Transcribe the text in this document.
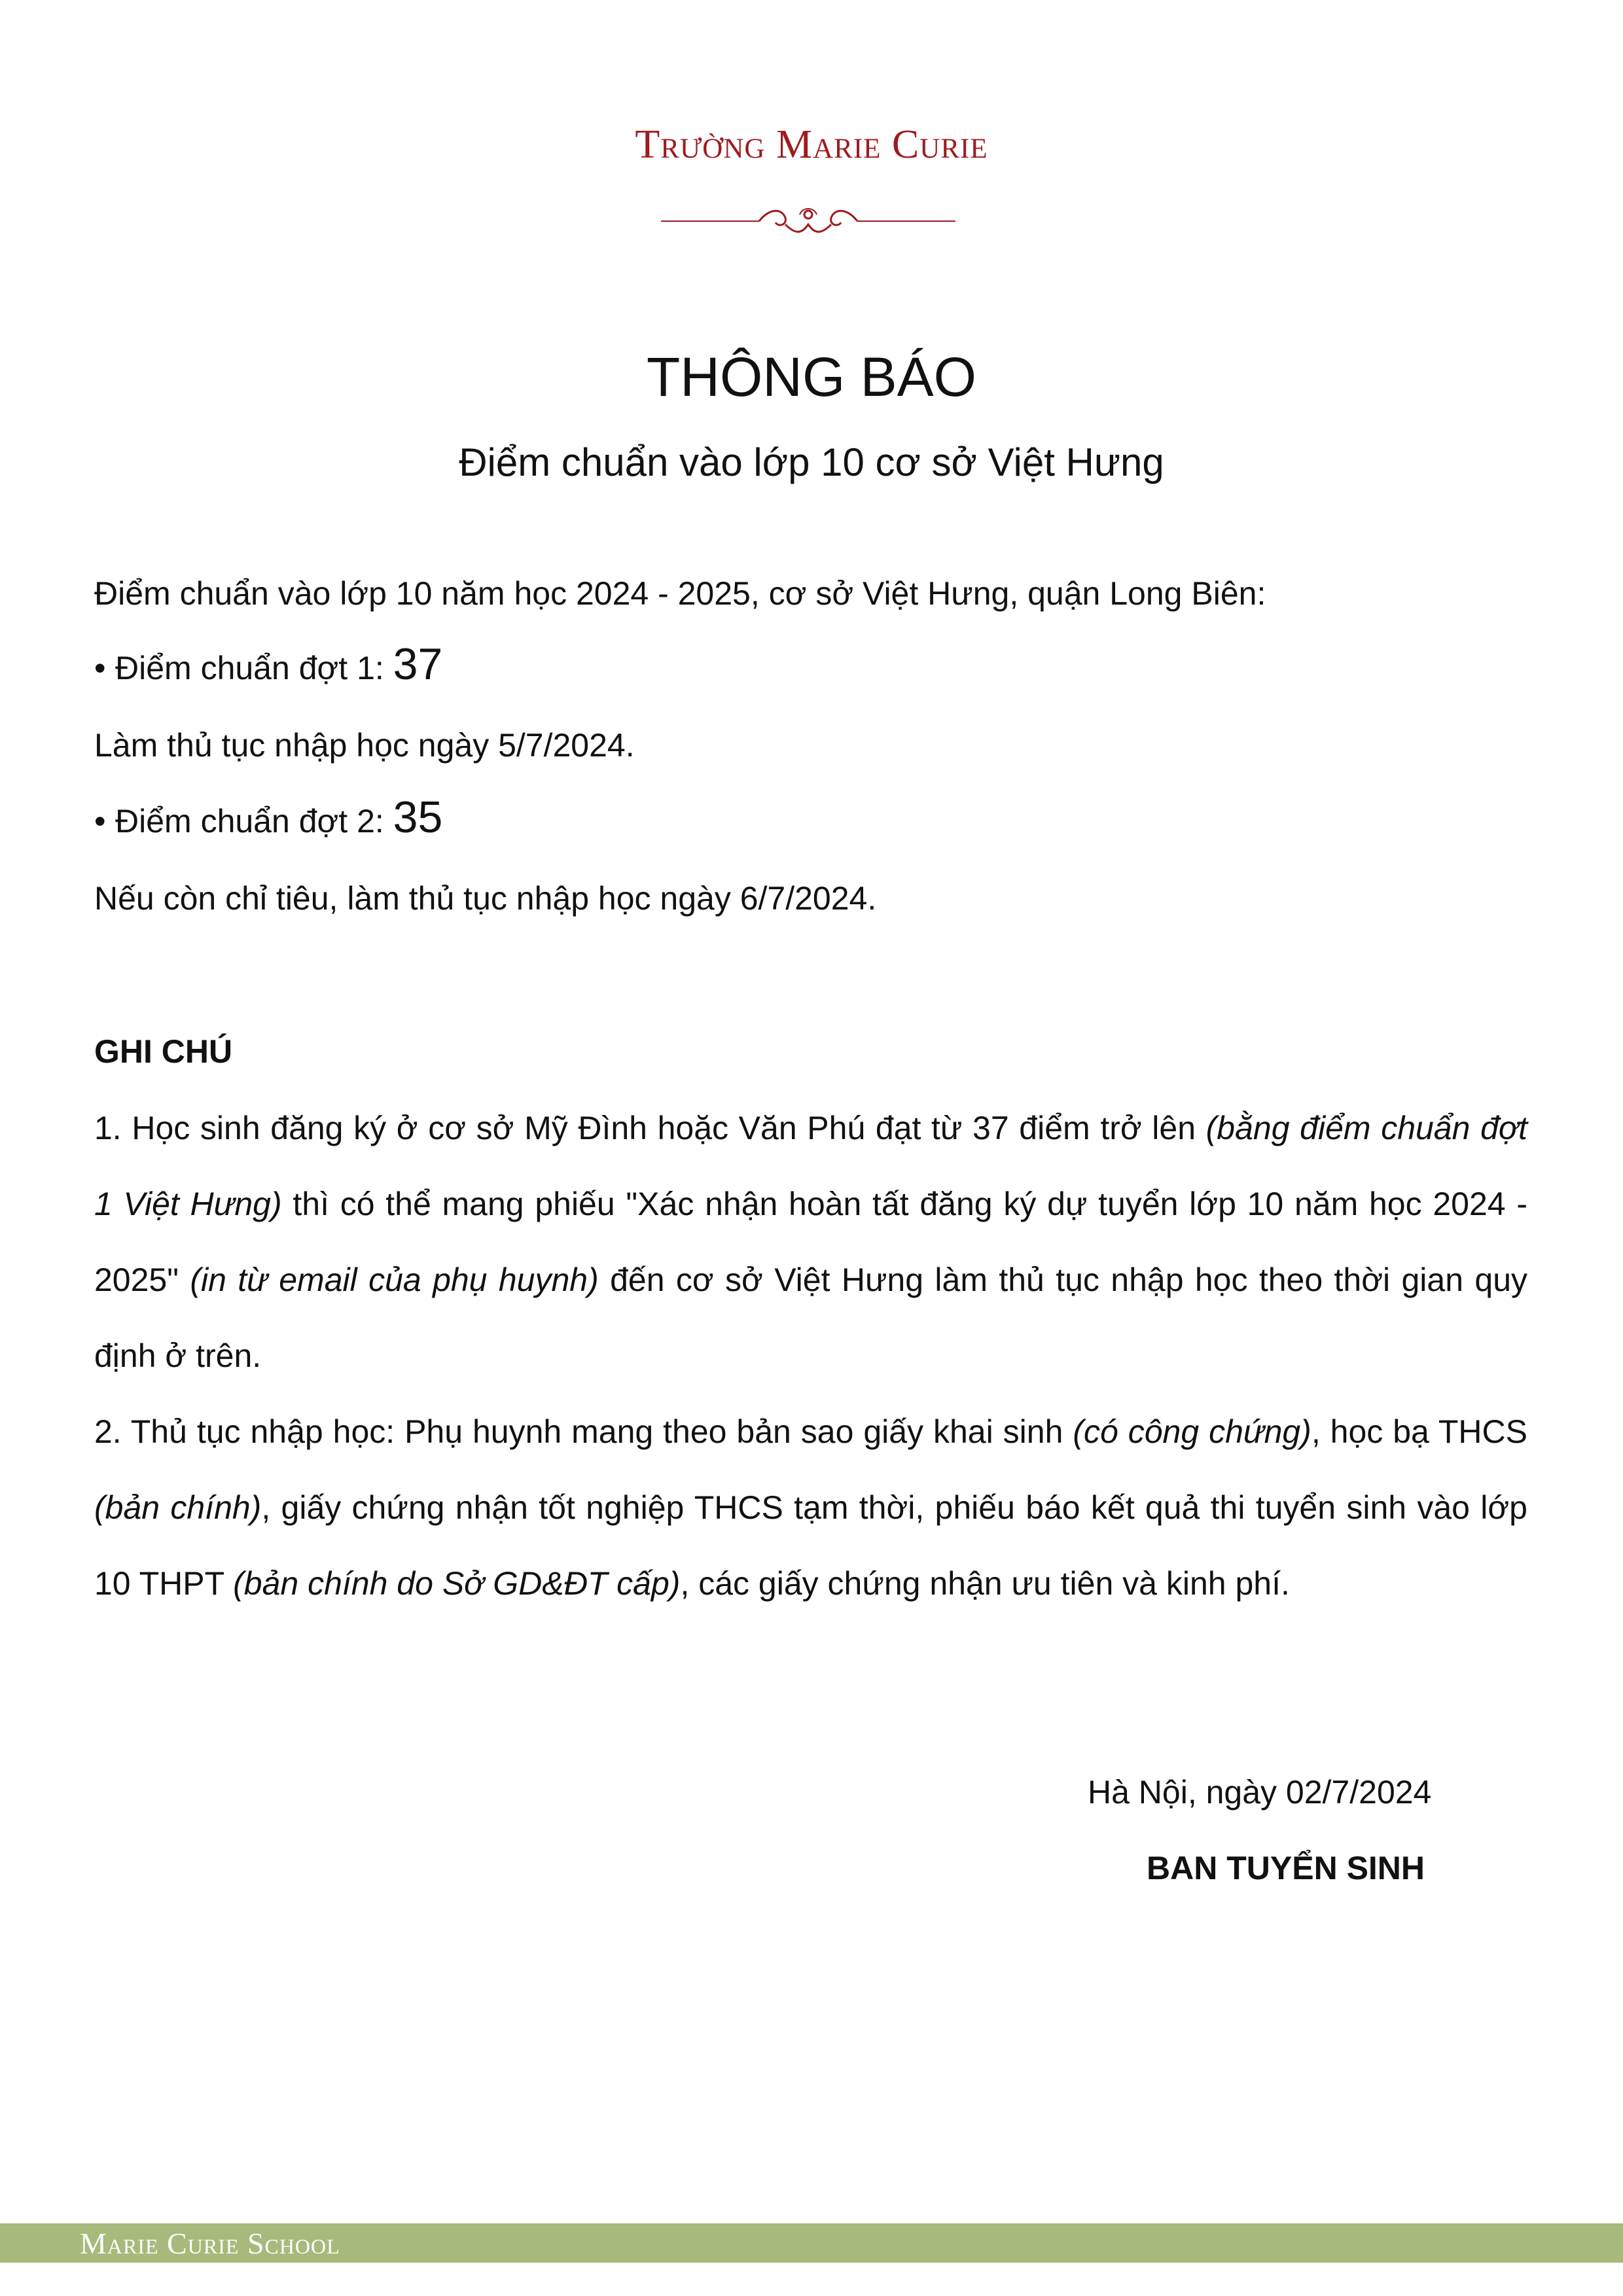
Trường Marie Curie
THÔNG BÁO
Điểm chuẩn vào lớp 10 cơ sở Việt Hưng
Điểm chuẩn vào lớp 10 năm học 2024 - 2025, cơ sở Việt Hưng, quận Long Biên:
• Điểm chuẩn đợt 1: 37
Làm thủ tục nhập học ngày 5/7/2024.
• Điểm chuẩn đợt 2: 35
Nếu còn chỉ tiêu, làm thủ tục nhập học ngày 6/7/2024.
GHI CHÚ
1. Học sinh đăng ký ở cơ sở Mỹ Đình hoặc Văn Phú đạt từ 37 điểm trở lên (bằng điểm chuẩn đợt 1 Việt Hưng) thì có thể mang phiếu "Xác nhận hoàn tất đăng ký dự tuyển lớp 10 năm học 2024 - 2025" (in từ email của phụ huynh) đến cơ sở Việt Hưng làm thủ tục nhập học theo thời gian quy định ở trên.
2. Thủ tục nhập học: Phụ huynh mang theo bản sao giấy khai sinh (có công chứng), học bạ THCS (bản chính), giấy chứng nhận tốt nghiệp THCS tạm thời, phiếu báo kết quả thi tuyển sinh vào lớp 10 THPT (bản chính do Sở GD&ĐT cấp), các giấy chứng nhận ưu tiên và kinh phí.
Hà Nội, ngày 02/7/2024
BAN TUYỂN SINH
Marie Curie School
